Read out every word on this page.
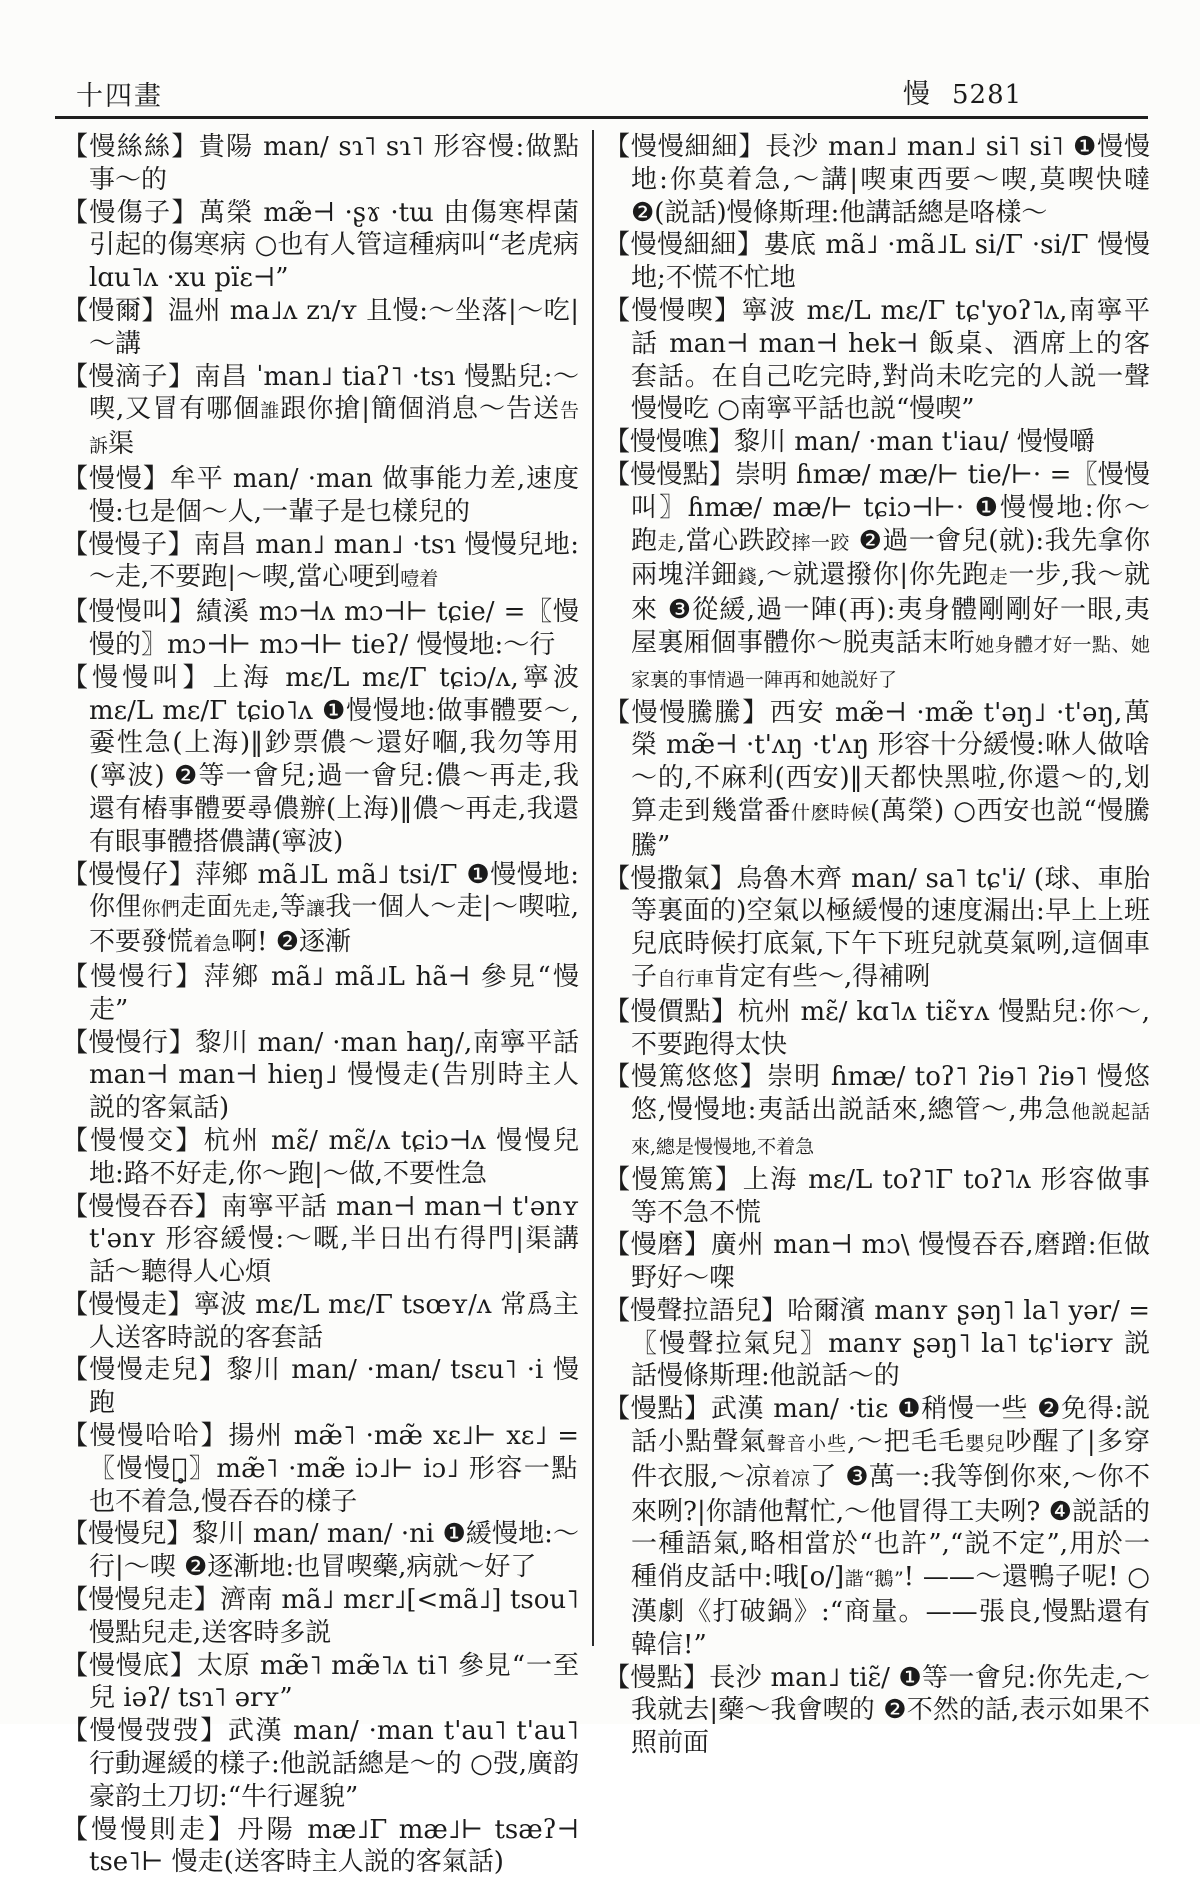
十四畫	慢 5281
【慢絲絲】貴陽 man/ sɿ˥ sɿ˥ 形容慢:做點事～的
【慢傷子】萬榮 mæ̃⊣ ·ʂɤ ·tɯ 由傷寒桿菌引起的傷寒病 ○也有人管這種病叫“老虎病 lɑu˥ʌ ·xu pïɛ⊣”
【慢爾】温州 ma˩ʌ zɿ/ʏ 且慢:～坐落|～吃|～講
【慢滴子】南昌 ˈman˩ tiaʔ˥ ·tsɿ 慢點兒:～喫,又冒有哪個誰跟你搶|簡個消息～告送告訴渠
【慢慢】牟平 man/ ·man 做事能力差,速度慢:乜是個～人,一輩子是乜樣兒的
【慢慢子】南昌 man˩ man˩ ·tsɿ 慢慢兒地:～走,不要跑|～喫,當心哽到噎着
【慢慢叫】績溪 mɔ⊣ʌ mɔ⊣⊢ tɕie/ =〖慢慢的〗mɔ⊣⊢ mɔ⊣⊢ tieʔ/ 慢慢地:～行
【慢慢叫】上海 mɛ/L mɛ/Γ tɕiɔ/ʌ,寧波 mɛ/L mɛ/Γ tɕio˥ʌ ❶慢慢地:做事體要～,嫑性急(上海)‖鈔票儂～還好嗰,我勿等用(寧波) ❷等一會兒;過一會兒:儂～再走,我還有樁事體要尋儂辦(上海)‖儂～再走,我還有眼事體搭儂講(寧波)
【慢慢仔】萍鄉 mã˩L mã˩ tsi/Γ ❶慢慢地:你俚你們走面先走,等讓我一個人～走|～喫啦,不要發慌着急啊! ❷逐漸
【慢慢行】萍鄉 mã˩ mã˩L hã⊣ 參見“慢走”
【慢慢行】黎川 man/ ·man haŋ/,南寧平話 man⊣ man⊣ hieŋ˩ 慢慢走(告別時主人説的客氣話)
【慢慢交】杭州 mɛ̃/ mɛ̃/ʌ tɕiɔ⊣ʌ 慢慢兒地:路不好走,你～跑|～做,不要性急
【慢慢吞吞】南寧平話 man⊣ man⊣ t'ənʏ t'ənʏ 形容緩慢:～嘅,半日出冇得門|渠講話～聽得人心煩
【慢慢走】寧波 mɛ/L mɛ/Γ tsœʏ/ʌ 常爲主人送客時説的客套話
【慢慢走兒】黎川 man/ ·man/ tsɛu˥ ·i 慢跑
【慢慢哈哈】揚州 mæ̃˥ ·mæ̃ xɛ˩⊢ xɛ˩ =〖慢慢吆̥〗mæ̃˥ ·mæ̃ iɔ˩⊢ iɔ˩ 形容一點也不着急,慢吞吞的樣子
【慢慢兒】黎川 man/ man/ ·ni ❶緩慢地:～行|～喫 ❷逐漸地:也冒喫藥,病就～好了
【慢慢兒走】濟南 mã˩ mɛr˩[<mã˩] tsou˥ 慢點兒走,送客時多説
【慢慢底】太原 mæ̃˥ mæ̃˥ʌ ti˥ 參見“一至兒 iəʔ/ tsɿ˥ ərʏ”
【慢慢弢弢】武漢 man/ ·man t'au˥ t'au˥ 行動遲緩的樣子:他説話總是～的 ○弢,廣韵豪韵土刀切:“牛行遲貌”
【慢慢則走】丹陽 mæ˩Γ mæ˩⊢ tsæʔ⊣ tse˥⊢ 慢走(送客時主人説的客氣話)
【慢慢細細】長沙 man˩ man˩ si˥ si˥ ❶慢慢地:你莫着急,～講|喫東西要～喫,莫喫快噠 ❷(説話)慢條斯理:他講話總是咯樣～
【慢慢細細】婁底 mã˩ ·mã˩L si/Γ ·si/Γ 慢慢地;不慌不忙地
【慢慢喫】寧波 mɛ/L mɛ/Γ tɕ'yoʔ˥ʌ,南寧平話 man⊣ man⊣ hek⊣ 飯桌、酒席上的客套話。在自己吃完時,對尚未吃完的人説一聲慢慢吃 ○南寧平話也説“慢喫”
【慢慢噍】黎川 man/ ·man t'iau/ 慢慢嚼
【慢慢點】崇明 ɦmæ/ mæ/⊢ tie/⊢· =〖慢慢叫〗ɦmæ/ mæ/⊢ tɕiɔ⊣⊢· ❶慢慢地:你～跑走,當心跌跤摔一跤 ❷過一會兒(就):我先拿你兩塊洋鈿錢,～就還撥你|你先跑走一步,我～就來 ❸從緩,過一陣(再):夷身體剛剛好一眼,夷屋裏厢個事體你～脱夷話末哘她身體才好一點、她家裏的事情過一陣再和她説好了
【慢慢騰騰】西安 mæ̃⊣ ·mæ̃ t'əŋ˩ ·t'əŋ,萬榮 mæ̃⊣ ·t'ʌŋ ·t'ʌŋ 形容十分緩慢:咻人做啥～的,不麻利(西安)‖天都快黑啦,你還～的,划算走到幾當番什麽時候(萬榮) ○西安也説“慢騰騰”
【慢撒氣】烏魯木齊 man/ sa˥ tɕ'i/ (球、車胎等裏面的)空氣以極緩慢的速度漏出:早上上班兒底時候打底氣,下午下班兒就莫氣咧,這個車子自行車肯定有些～,得補咧
【慢價點】杭州 mɛ̃/ kɑ˥ʌ tiɛ̃ʏʌ 慢點兒:你～,不要跑得太快
【慢篤悠悠】崇明 ɦmæ/ toʔ˥ ʔiɘ˥ ʔiɘ˥ 慢悠悠,慢慢地:夷話出説話來,總管～,弗急他説起話來,總是慢慢地,不着急
【慢篤篤】上海 mɛ/L toʔ˥Γ toʔ˥ʌ 形容做事等不急不慌
【慢磨】廣州 man⊣ mɔ\ 慢慢吞吞,磨蹭:佢做野好～㗎
【慢聲拉語兒】哈爾濱 manʏ ʂəŋ˥ la˥ yər/ =〖慢聲拉氣兒〗manʏ ʂəŋ˥ la˥ tɕ'iərʏ 説話慢條斯理:他説話～的
【慢點】武漢 man/ ·tiɛ ❶稍慢一些 ❷免得:説話小點聲氣聲音小些,～把毛毛嬰兒吵醒了|多穿件衣服,～凉着凉了 ❸萬一:我等倒你來,～你不來咧?|你請他幫忙,～他冒得工夫咧? ❹説話的一種語氣,略相當於“也許”,“説不定”,用於一種俏皮話中:哦[o/]諧“鵝”! ——～還鴨子呢! ○漢劇《打破鍋》:“商量。——張良,慢點還有韓信!”
【慢點】長沙 man˩ tiɛ̃/ ❶等一會兒:你先走,～我就去|藥～我會喫的 ❷不然的話,表示如果不照前面
